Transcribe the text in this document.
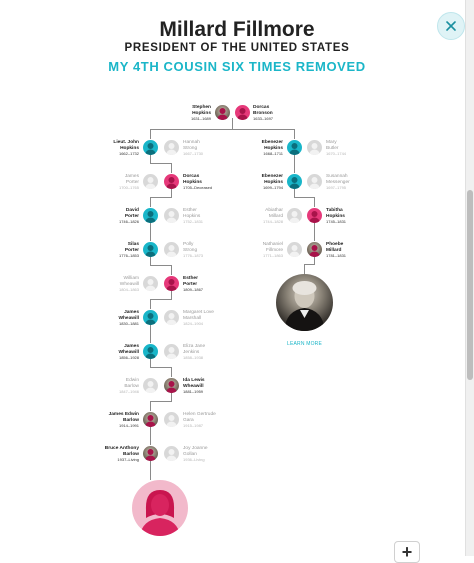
Millard Fillmore
PRESIDENT OF THE UNITED STATES
MY 4TH COUSIN SIX TIMES REMOVED
Stephen
Hopkins
1631–1689
Dorcas
Bronson
1633–1697
Lieut. John
Hopkins
1662–1732
Hannah
Strong
1667–1730
James
Porter
1700–1765
Dorcas
Hopkins
1705–Deceased
David
Porter
1746–1826
Esther
Hopkins
1752–1831
Silas
Porter
1776–1853
Polly
Strong
1776–1873
William
Wheawill
1804–1863
Esther
Porter
1809–1867
James
Wheawill
1830–1881
Margaret Love
Marshall
1824–1904
James
Wheawill
1856–1928
Eliza Jane
Jenkins
1858–1938
Edwin
Barlow
1847–1946
Ida Lewis
Wheawill
1881–1959
James Edwin
Barlow
1914–1991
Helen Gertrude
Gara
1915–1987
Bruce Anthony
Barlow
1937–Living
Joy Joanne
Gollan
1936–Living
Ebenezer
Hopkins
1668–1711
Mary
Butler
1670–1744
Ebenezer
Hopkins
1699–1794
Susannah
Messenger
1697–1795
Abiathar
Millard
1744–1828
Tabitha
Hopkins
1745–1831
Nathaniel
Fillmore
1771–1863
Phoebe
Millard
1781–1831
LEARN MORE
+
